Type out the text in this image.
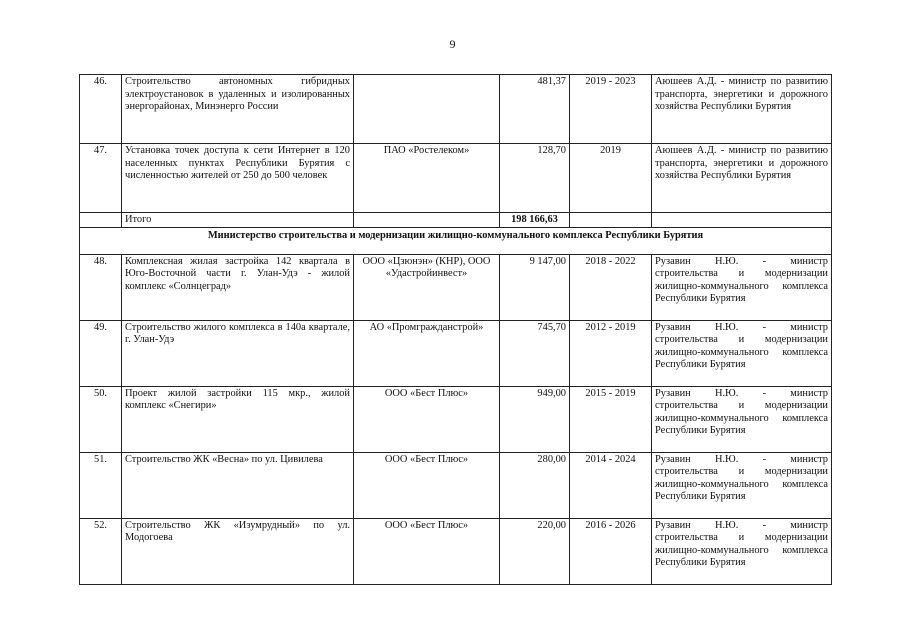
9
46.	Строительство автономных гибридных электроустановок в удаленных и изолированных энергорайонах, Минэнерго России		481,37	2019 - 2023	Аюшеев А.Д. - министр по развитию транспорта, энергетики и дорожного хозяйства Республики Бурятия
47.	Установка точек доступа к сети Интернет в 120 населенных пунктах Республики Бурятия с численностью жителей от 250 до 500 человек	ПАО «Ростелеком»	128,70	2019	Аюшеев А.Д. - министр по развитию транспорта, энергетики и дорожного хозяйства Республики Бурятия
	Итого		198 166,63		
Министерство строительства и модернизации жилищно-коммунального комплекса Республики Бурятия					
48.	Комплексная жилая застройка 142 квартала в Юго-Восточной части г. Улан-Удэ - жилой комплекс «Солнцеград»	ООО «Цзюнэн» (КНР), ООО «Удастройинвест»	9 147,00	2018 - 2022	Рузавин Н.Ю. - министр строительства и модернизации жилищно-коммунального комплекса Республики Бурятия
49.	Строительство жилого комплекса в 140а квартале, г. Улан-Удэ	АО «Промгражданстрой»	745,70	2012 - 2019	Рузавин Н.Ю. - министр строительства и модернизации жилищно-коммунального комплекса Республики Бурятия
50.	Проект жилой застройки 115 мкр., жилой комплекс «Снегири»	ООО «Бест Плюс»	949,00	2015 - 2019	Рузавин Н.Ю. - министр строительства и модернизации жилищно-коммунального комплекса Республики Бурятия
51.	Строительство ЖК «Весна» по ул. Цивилева	ООО «Бест Плюс»	280,00	2014 - 2024	Рузавин Н.Ю. - министр строительства и модернизации жилищно-коммунального комплекса Республики Бурятия
52.	Строительство ЖК «Изумрудный» по ул. Модогоева	ООО «Бест Плюс»	220,00	2016 - 2026	Рузавин Н.Ю. - министр строительства и модернизации жилищно-коммунального комплекса Республики Бурятия
